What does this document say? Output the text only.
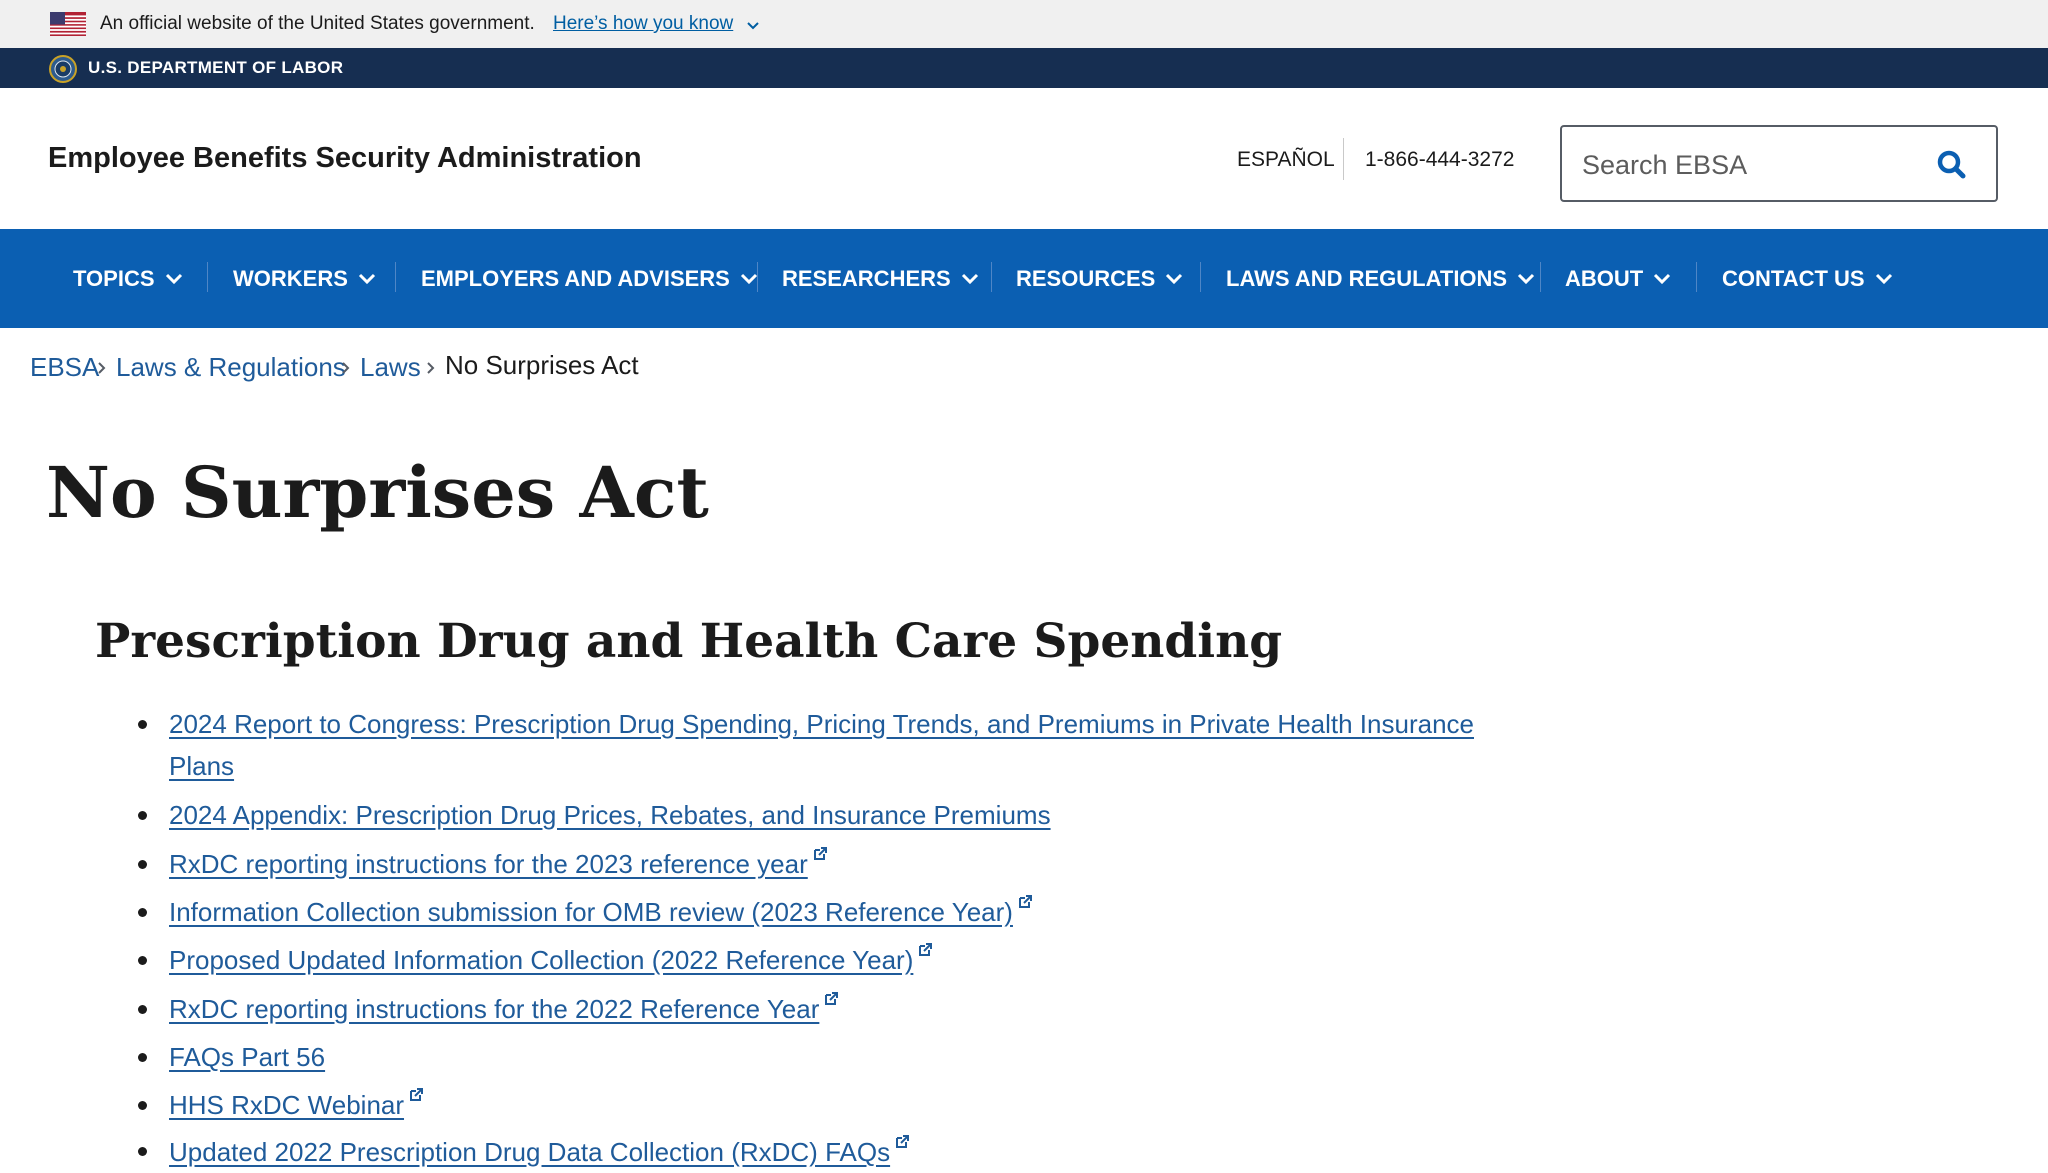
An official website of the United States government. Here’s how you know
U.S. DEPARTMENT OF LABOR
Employee Benefits Security Administration	ESPAÑOL 1-866-444-3272
Search EBSA
TOPICS	WORKERS	EMPLOYERS AND ADVISERS RESEARCHERS	RESOURCES	LAWS AND REGULATIONS	ABOUT	CONTACT US
EBSA Laws & Regulations Laws No Surprises Act
No Surprises Act
Prescription Drug and Health Care Spending
2024 Report to Congress: Prescription Drug Spending, Pricing Trends, and Premiums in Private Health Insurance
Plans
2024 Appendix: Prescription Drug Prices, Rebates, and Insurance Premiums
RxDC reporting instructions for the 2023 reference year
Information Collection submission for OMB review (2023 Reference Year)
Proposed Updated Information Collection (2022 Reference Year)
RxDC reporting instructions for the 2022 Reference Year
FAQs Part 56
HHS RxDC Webinar
Updated 2022 Prescription Drug Data Collection (RxDC) FAQs
